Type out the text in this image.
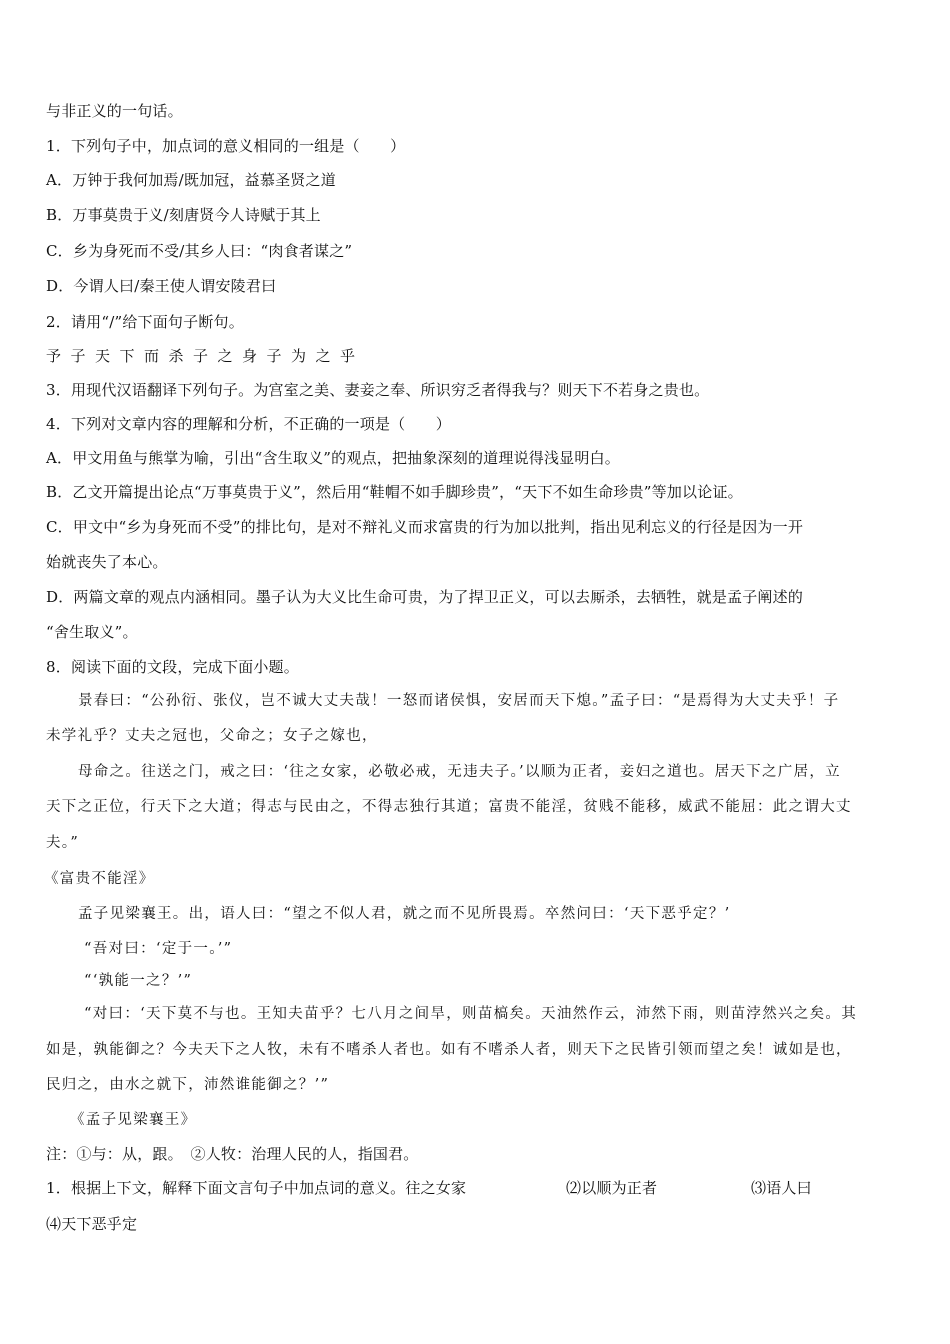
与非正义的一句话。
1．下列句子中，加点词的意义相同的一组是（　　）
A．万钟于我何加焉/既加冠，益慕圣贤之道
B．万事莫贵于义/刻唐贤今人诗赋于其上
C．乡为身死而不受/其乡人曰：“肉食者谋之”
D．今谓人曰/秦王使人谓安陵君曰
2．请用“/”给下面句子断句。
予子天下而杀子之身子为之乎
3．用现代汉语翻译下列句子。为宫室之美、妻妾之奉、所识穷乏者得我与？则天下不若身之贵也。
4．下列对文章内容的理解和分析，不正确的一项是（　　）
A．甲文用鱼与熊掌为喻，引出“含生取义”的观点，把抽象深刻的道理说得浅显明白。
B．乙文开篇提出论点“万事莫贵于义”，然后用“鞋帽不如手脚珍贵”，“天下不如生命珍贵”等加以论证。
C．甲文中“乡为身死而不受”的排比句，是对不辩礼义而求富贵的行为加以批判，指出见利忘义的行径是因为一开
始就丧失了本心。
D．两篇文章的观点内涵相同。墨子认为大义比生命可贵，为了捍卫正义，可以去厮杀，去牺牲，就是孟子阐述的
“舍生取义”。
8．阅读下面的文段，完成下面小题。
景春曰：“公孙衍、张仪，岂不诚大丈夫哉！一怒而诸侯惧，安居而天下熄。”孟子曰：“是焉得为大丈夫乎！子
未学礼乎？丈夫之冠也，父命之；女子之嫁也，
母命之。往送之门，戒之曰：‘往之女家，必敬必戒，无违夫子。’以顺为正者，妾妇之道也。居天下之广居，立
天下之正位，行天下之大道；得志与民由之，不得志独行其道；富贵不能淫，贫贱不能移，威武不能屈：此之谓大丈
夫。”
《富贵不能淫》
孟子见梁襄王。出，语人曰：“望之不似人君，就之而不见所畏焉。卒然问曰：‘天下恶乎定？’
“吾对曰：‘定于一。’”
“‘孰能一之？’”
“对曰：‘天下莫不与也。王知夫苗乎？七八月之间旱，则苗槁矣。天油然作云，沛然下雨，则苗浡然兴之矣。其
如是，孰能御之？今夫天下之人牧，未有不嗜杀人者也。如有不嗜杀人者，则天下之民皆引领而望之矣！诚如是也，
民归之，由水之就下，沛然谁能御之？’”
《孟子见梁襄王》
注：①与：从，跟。　②人牧：治理人民的人，指国君。
1．根据上下文，解释下面文言句子中加点词的意义。往之女家	⑵以顺为正者	⑶语人曰
⑷天下恶乎定
